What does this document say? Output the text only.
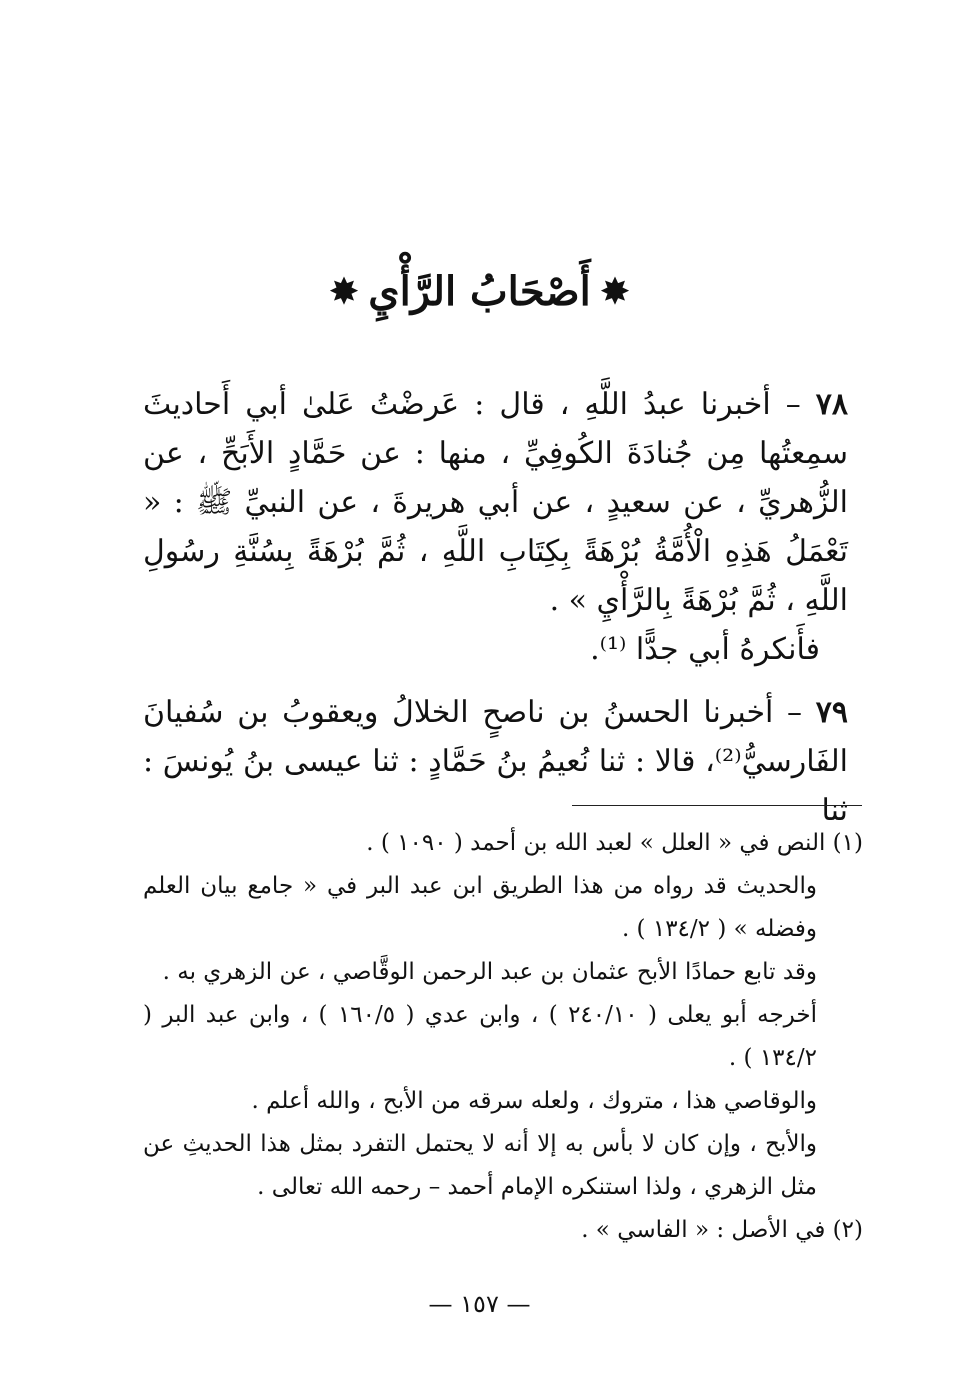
✸أَصْحَابُ الرَّأْيِ✸

٧٨ – أخبرنا عبدُ اللَّهِ ، قال : عَرضْتُ عَلىٰ أبي أَحاديثَ سمِعتُها مِن جُنادَةَ الكُوفِيِّ ، منها : عن حَمَّادٍ الأَبَحِّ ، عن الزُّهريِّ ، عن سعيدٍ ، عن أبي هريرةَ ، عن النبيِّ ﷺ : « تَعْمَلُ هَذِهِ الْأُمَّةُ بُرْهَةً بِكِتَابِ اللَّهِ ، ثُمَّ بُرْهَةً بِسُنَّةِ رسُولِ اللَّهِ ، ثُمَّ بُرْهَةً بِالرَّأْيِ » .

فأَنكرهُ أبي جدًّا ⁽¹⁾.

٧٩ – أخبرنا الحسنُ بن ناصحٍ الخلالُ ويعقوبُ بن سُفيانَ الفَارسيُّ⁽²⁾، قالا : ثنا نُعيمُ بنُ حَمَّادٍ : ثنا عيسى بنُ يُونسَ : ثنا

(١) النص في « العلل » لعبد الله بن أحمد ( ١٠٩٠ ) .

والحديث قد رواه من هذا الطريق ابن عبد البر في « جامع بيان العلم وفضله » ( ١٣٤/٢ ) .

وقد تابع حمادًا الأبح عثمان بن عبد الرحمن الوقَّاصي ، عن الزهري به .

أخرجه أبو يعلى ( ٢٤٠/١٠ ) ، وابن عدي ( ١٦٠/٥ ) ، وابن عبد البر ( ١٣٤/٢ ) .

والوقاصي هذا ، متروك ، ولعله سرقه من الأبح ، والله أعلم .

والأبح ، وإن كان لا بأس به إلا أنه لا يحتمل التفرد بمثل هذا الحديثِ عن مثل الزهري ، ولذا استنكره الإمام أحمد – رحمه الله تعالى .

(٢) في الأصل : « الفاسي » .

— ١٥٧ —
